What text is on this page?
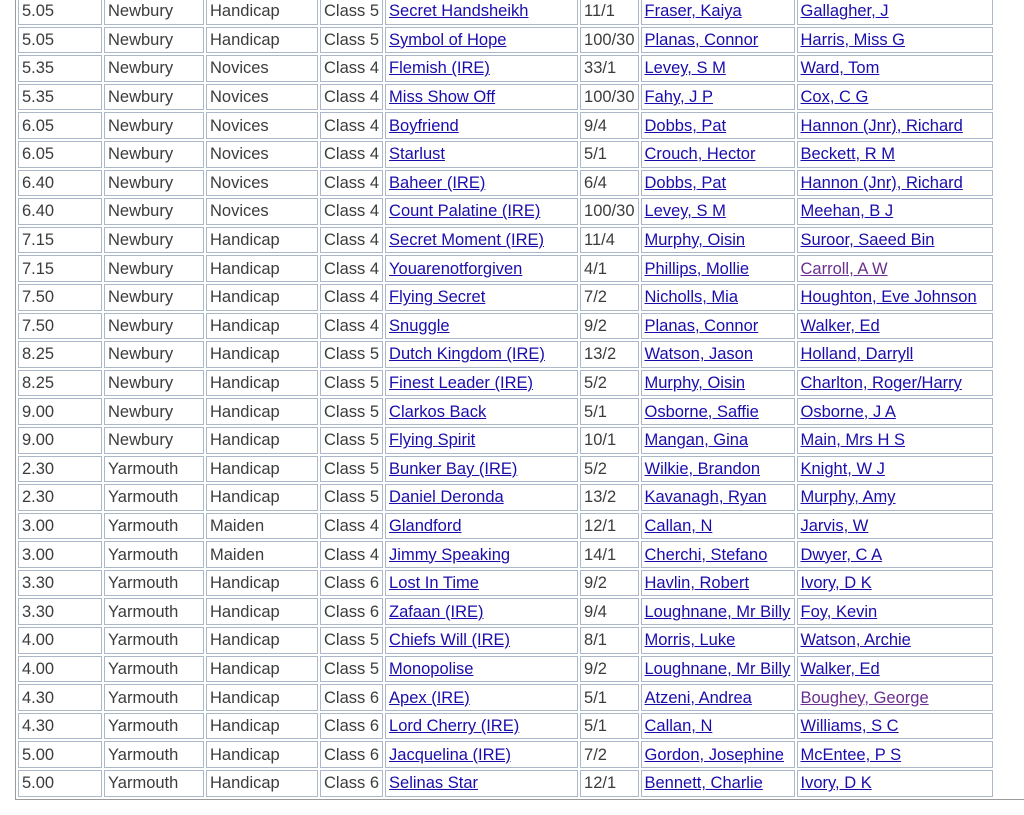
5.05	Newbury	Handicap	Class 5	Secret Handsheikh	11/1	Fraser, Kaiya	Gallagher, J
5.05	Newbury	Handicap	Class 5	Symbol of Hope	100/30	Planas, Connor	Harris, Miss G
5.35	Newbury	Novices	Class 4	Flemish (IRE)	33/1	Levey, S M	Ward, Tom
5.35	Newbury	Novices	Class 4	Miss Show Off	100/30	Fahy, J P	Cox, C G
6.05	Newbury	Novices	Class 4	Boyfriend	9/4	Dobbs, Pat	Hannon (Jnr), Richard
6.05	Newbury	Novices	Class 4	Starlust	5/1	Crouch, Hector	Beckett, R M
6.40	Newbury	Novices	Class 4	Baheer (IRE)	6/4	Dobbs, Pat	Hannon (Jnr), Richard
6.40	Newbury	Novices	Class 4	Count Palatine (IRE)	100/30	Levey, S M	Meehan, B J
7.15	Newbury	Handicap	Class 4	Secret Moment (IRE)	11/4	Murphy, Oisin	Suroor, Saeed Bin
7.15	Newbury	Handicap	Class 4	Youarenotforgiven	4/1	Phillips, Mollie	Carroll, A W
7.50	Newbury	Handicap	Class 4	Flying Secret	7/2	Nicholls, Mia	Houghton, Eve Johnson
7.50	Newbury	Handicap	Class 4	Snuggle	9/2	Planas, Connor	Walker, Ed
8.25	Newbury	Handicap	Class 5	Dutch Kingdom (IRE)	13/2	Watson, Jason	Holland, Darryll
8.25	Newbury	Handicap	Class 5	Finest Leader (IRE)	5/2	Murphy, Oisin	Charlton, Roger/Harry
9.00	Newbury	Handicap	Class 5	Clarkos Back	5/1	Osborne, Saffie	Osborne, J A
9.00	Newbury	Handicap	Class 5	Flying Spirit	10/1	Mangan, Gina	Main, Mrs H S
2.30	Yarmouth	Handicap	Class 5	Bunker Bay (IRE)	5/2	Wilkie, Brandon	Knight, W J
2.30	Yarmouth	Handicap	Class 5	Daniel Deronda	13/2	Kavanagh, Ryan	Murphy, Amy
3.00	Yarmouth	Maiden	Class 4	Glandford	12/1	Callan, N	Jarvis, W
3.00	Yarmouth	Maiden	Class 4	Jimmy Speaking	14/1	Cherchi, Stefano	Dwyer, C A
3.30	Yarmouth	Handicap	Class 6	Lost In Time	9/2	Havlin, Robert	Ivory, D K
3.30	Yarmouth	Handicap	Class 6	Zafaan (IRE)	9/4	Loughnane, Mr Billy	Foy, Kevin
4.00	Yarmouth	Handicap	Class 5	Chiefs Will (IRE)	8/1	Morris, Luke	Watson, Archie
4.00	Yarmouth	Handicap	Class 5	Monopolise	9/2	Loughnane, Mr Billy	Walker, Ed
4.30	Yarmouth	Handicap	Class 6	Apex (IRE)	5/1	Atzeni, Andrea	Boughey, George
4.30	Yarmouth	Handicap	Class 6	Lord Cherry (IRE)	5/1	Callan, N	Williams, S C
5.00	Yarmouth	Handicap	Class 6	Jacquelina (IRE)	7/2	Gordon, Josephine	McEntee, P S
5.00	Yarmouth	Handicap	Class 6	Selinas Star	12/1	Bennett, Charlie	Ivory, D K
